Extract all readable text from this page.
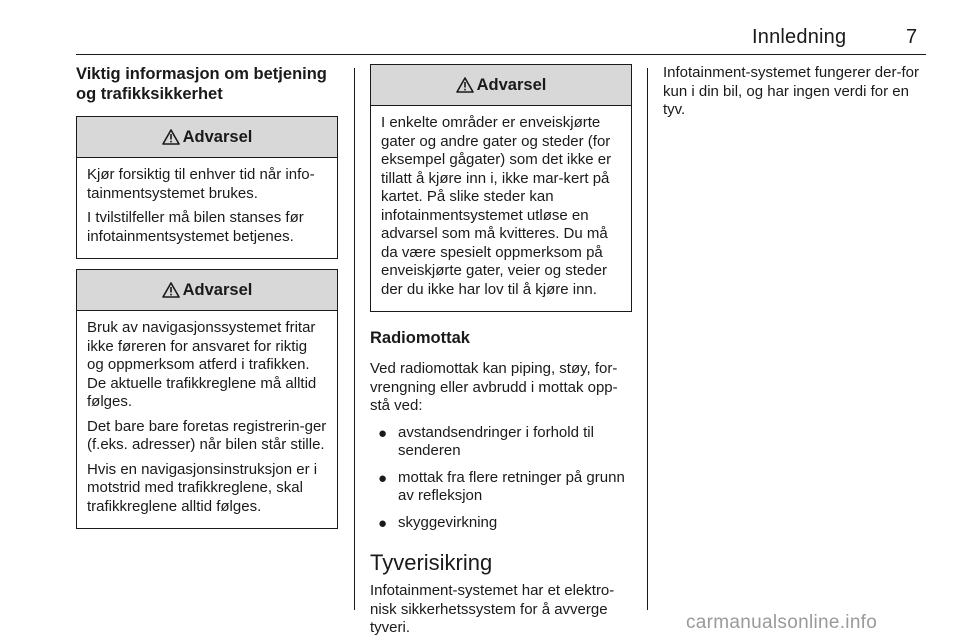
Innledning	7
Viktig informasjon om betjening
og trafikksikkerhet
Advarsel

Kjør forsiktig til enhver tid når info-tainmentsystemet brukes.

I tvilstilfeller må bilen stanses før infotainmentsystemet betjenes.

Advarsel

Bruk av navigasjonssystemet fritar ikke føreren for ansvaret for riktig og oppmerksom atferd i trafikken. De aktuelle trafikkreglene må alltid følges.

Det bare bare foretas registrerin-ger (f.eks. adresser) når bilen står stille.

Hvis en navigasjonsinstruksjon er i motstrid med trafikkreglene, skal trafikkreglene alltid følges.

Advarsel

I enkelte områder er enveiskjørte gater og andre gater og steder (for eksempel gågater) som det ikke er tillatt å kjøre inn i, ikke mar-kert på kartet. På slike steder kan infotainmentsystemet utløse en advarsel som må kvitteres. Du må da være spesielt oppmerksom på enveiskjørte gater, veier og steder der du ikke har lov til å kjøre inn.

Radiomottak

Ved radiomottak kan piping, støy, for-vrengning eller avbrudd i mottak opp-stå ved:

● avstandsendringer i forhold til senderen
● mottak fra flere retninger på grunn av refleksjon
● skyggevirkning
Tyverisikring

Infotainment-systemet har et elektro-nisk sikkerhetssystem for å avverge tyveri.

Infotainment-systemet fungerer der-for kun i din bil, og har ingen verdi for en tyv.

carmanualsonline.info
